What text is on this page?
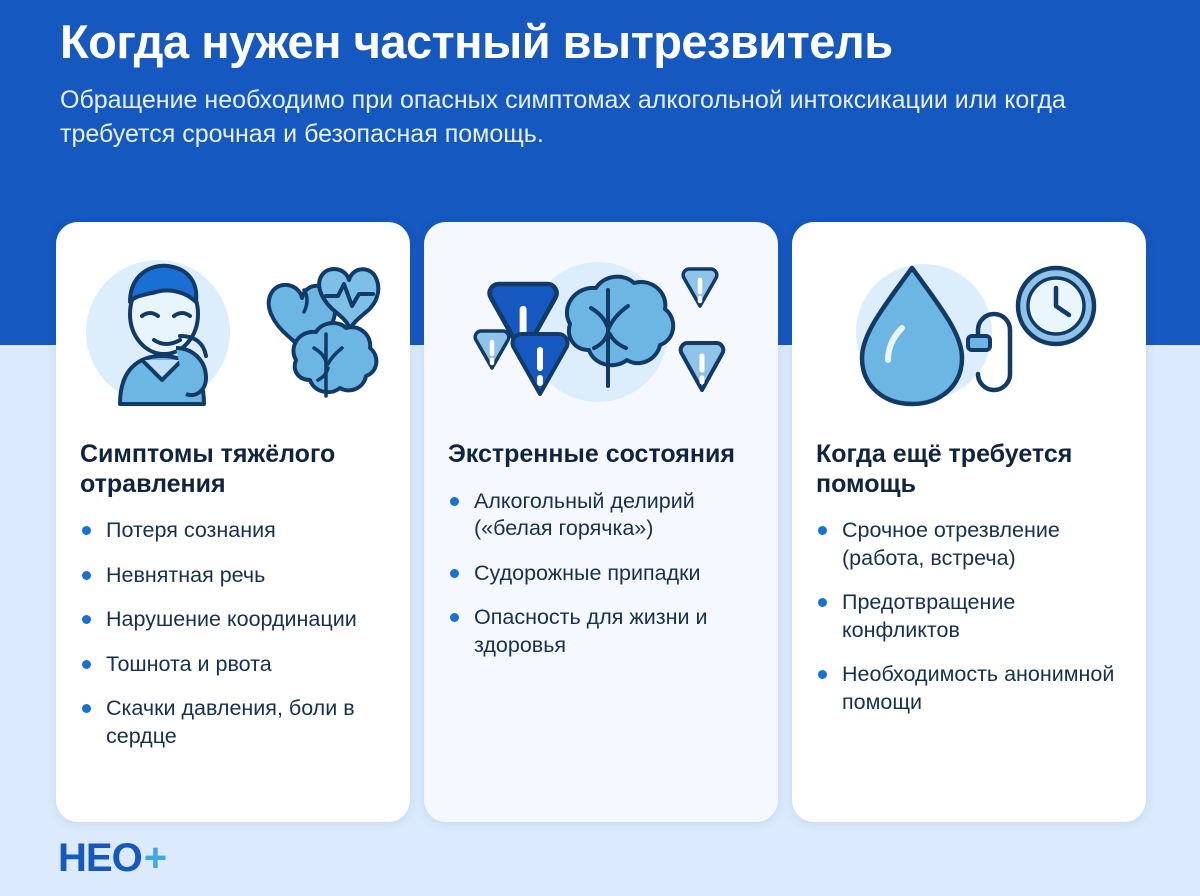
Когда нужен частный вытрезвитель

Обращение необходимо при опасных симптомах алкогольной интоксикации или когда требуется срочная и безопасная помощь.

Симптомы тяжёлого отравления
Потеря сознания
Невнятная речь
Нарушение координации
Тошнота и рвота
Скачки давления, боли в сердце
Экстренные состояния
Алкогольный делирий («белая горячка»)
Судорожные припадки
Опасность для жизни и здоровья
Когда ещё требуется помощь
Срочное отрезвление (работа, встреча)
Предотвращение конфликтов
Необходимость анонимной помощи
НЕО +
